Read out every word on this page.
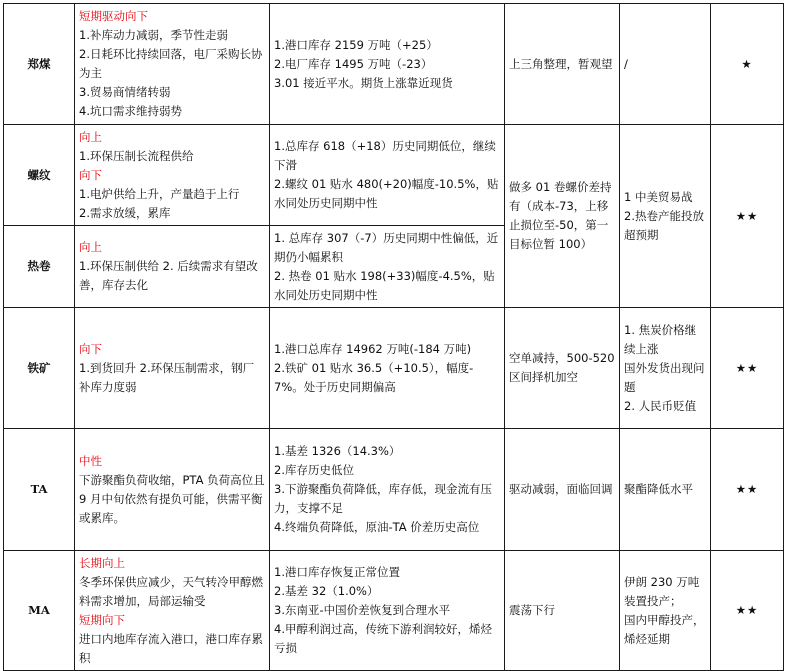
郑煤	短期驱动向下
1.补库动力减弱，季节性走弱
2.日耗环比持续回落，电厂采购长协为主
3.贸易商情绪转弱
4.坑口需求维持弱势	1.港口库存 2159 万吨（+25）
2.电厂库存 1495 万吨（-23）
3.01 接近平水。期货上涨靠近现货	上三角整理，暂观望	/	★
螺纹	向上
1.环保压制长流程供给
向下
1.电炉供给上升，产量趋于上行
2.需求放缓，累库	1.总库存 618（+18）历史同期低位，继续下滑
2.螺纹 01 贴水 480(+20)幅度-10.5%，贴水同处历史同期中性	做多 01 卷螺价差持有（成本-73，上移止损位至-50，第一目标位暂 100）	1 中美贸易战
2.热卷产能投放超预期	★★
热卷	向上
1.环保压制供给 2. 后续需求有望改善，库存去化	1. 总库存 307（-7）历史同期中性偏低，近期仍小幅累积
2. 热卷 01 贴水 198(+33)幅度-4.5%，贴水同处历史同期中性			

铁矿	向下
1.到货回升 2.环保压制需求，钢厂补库力度弱	1.港口总库存 14962 万吨(-184 万吨)
2.铁矿 01 贴水 36.5（+10.5），幅度-7%。处于历史同期偏高	空单减持，500-520 区间择机加空	1. 焦炭价格继续上涨
国外发货出现问题
2. 人民币贬值	★★
TA	中性
下游聚酯负荷收缩，PTA 负荷高位且 9 月中旬依然有提负可能，供需平衡或累库。	1.基差 1326（14.3%）
2.库存历史低位
3.下游聚酯负荷降低，库存低，现金流有压力，支撑不足
4.终端负荷降低，原油-TA 价差历史高位	驱动减弱，面临回调	聚酯降低水平	★★
MA	长期向上
冬季环保供应减少，天气转冷甲醇燃料需求增加，局部运输受
短期向下
进口内地库存流入港口，港口库存累积	1.港口库存恢复正常位置
2.基差 32（1.0%）
3.东南亚-中国价差恢复到合理水平
4.甲醇利润过高，传统下游利润较好，烯烃亏损	震荡下行	伊朗 230 万吨装置投产；
国内甲醇投产，烯烃延期	★★
